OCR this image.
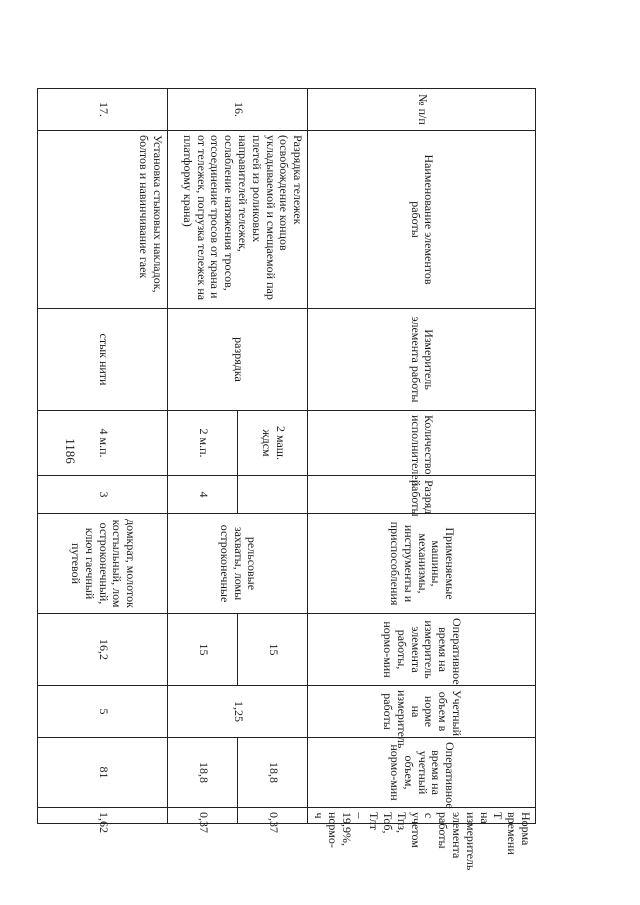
1186
№ п/п	Наименование элементов работы	Измеритель элемента работы	Количество исполнителей	Разряд работы	Применяемые машины, механизмы, инструменты и приспособления	Оперативное время на измеритель элемента работы, нормо-мин	Учетный объем в норме на измеритель работы	Оперативное время на учетный объем, нормо-мин	Норма времени Т на измеритель элемента работы с учетом Тпз, Тоб, Тлт – 19,9%, нормо-ч
16.	Разрядка тележек (освобождение концов укладываемой и смещаемой пар плетей из роликовых направителей тележек, ослабление натяжения тросов, отсоединение тросов от крана и от тележек, погрузка тележек на платформу крана)	разрядка	2 маш. ждсм		рельсовые захваты, ломы остроконечные	15	1,25	18,8	0,37
			2 м.п.	4		15		18,8	0,37
17.	Установка стыковых накладок, болтов и навинчивание гаек	стык нити	4 м.п.	3	домкрат, молоток костыльный, лом остроконечный, ключ гаечный путевой	16,2	5	81	1,62
